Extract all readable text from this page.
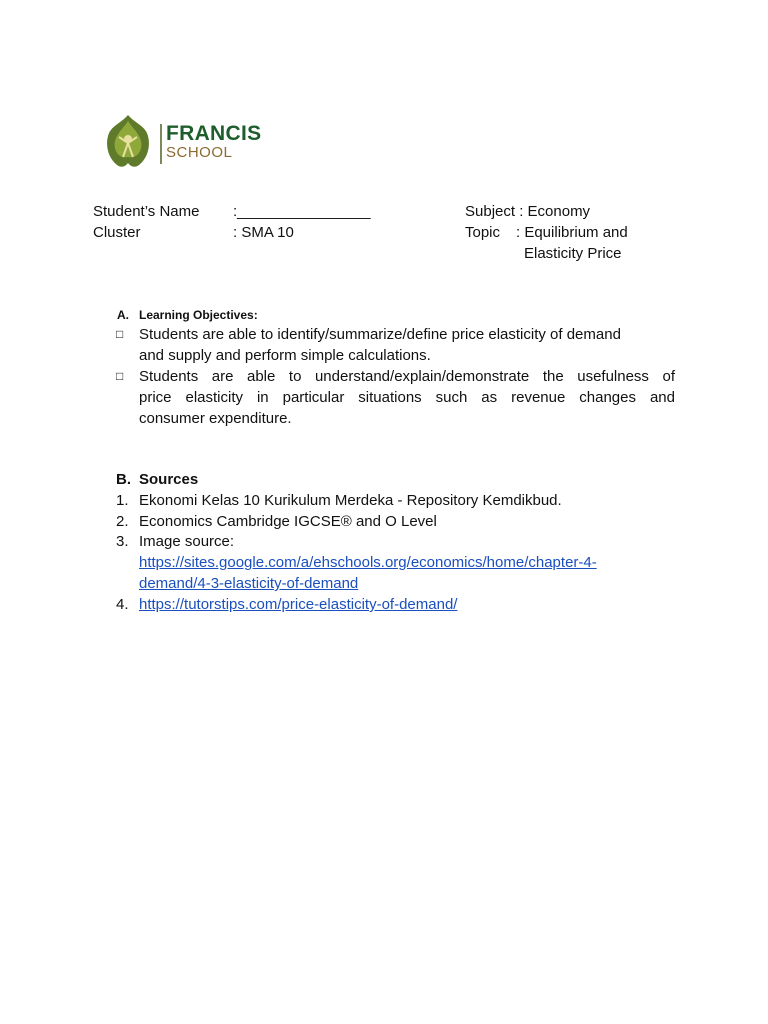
FRANCIS
SCHOOL
Student’s Name :________________
Cluster	: SMA 10
Subject : Economy
Topic : Equilibrium and
Elasticity Price
A. Learning Objectives:
□ Students are able to identify/summarize/define price elasticity of demand
and supply and perform simple calculations.
□ Students are able to understand/explain/demonstrate the usefulness of
price elasticity in particular situations such as revenue changes and
consumer expenditure.
B. Sources
1. Ekonomi Kelas 10 Kurikulum Merdeka - Repository Kemdikbud.
2. Economics Cambridge IGCSE® and O Level
3. Image source:
https://sites.google.com/a/ehschools.org/economics/home/chapter-4-
demand/4-3-elasticity-of-demand
4. https://tutorstips.com/price-elasticity-of-demand/
